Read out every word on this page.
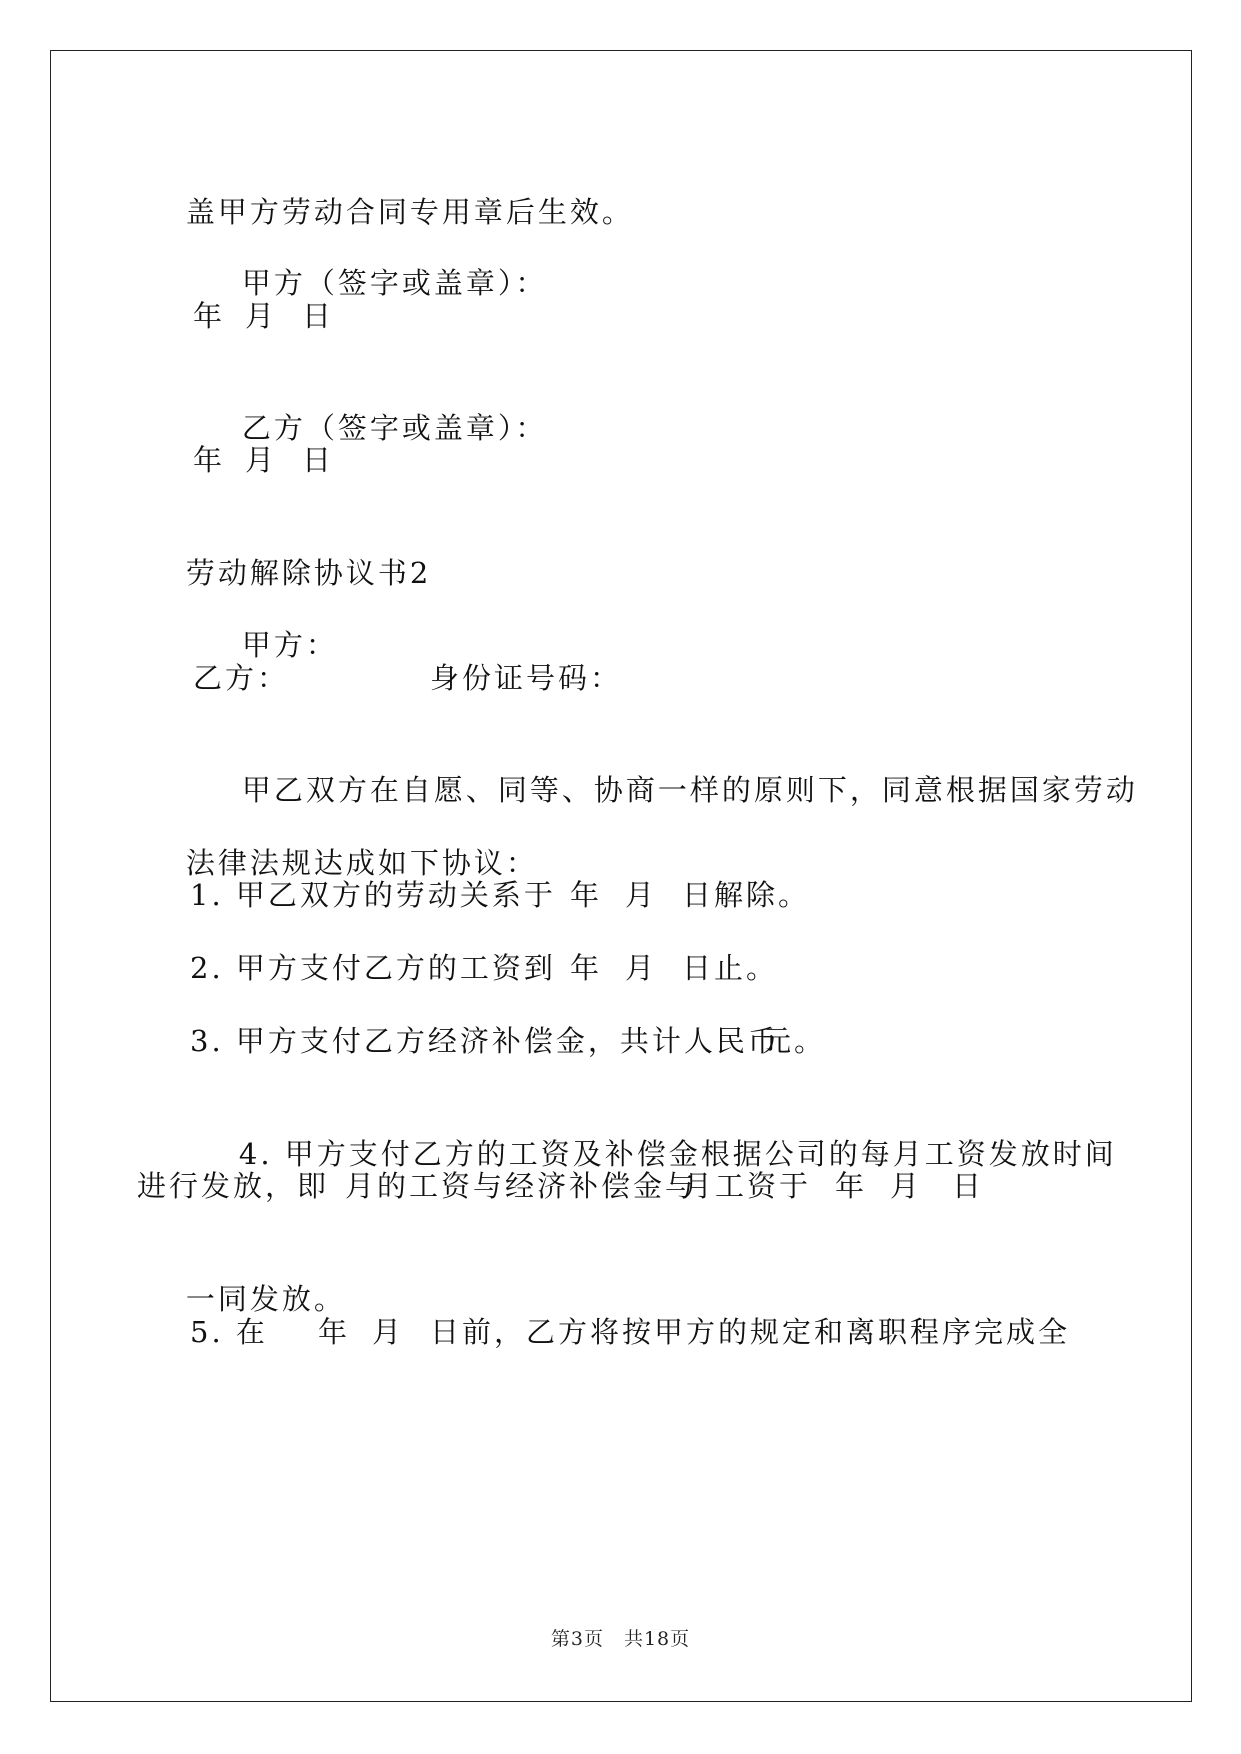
盖甲方劳动合同专用章后生效。

甲方（签字或盖章）：

年

月

日

乙方（签字或盖章）：

年

月

日

劳动解除协议书2

甲方：

乙方：

	身份证号码：

甲乙双方在自愿、同等、协商一样的原则下，同意根据国家劳动

法律法规达成如下协议：

1. 甲乙双方的劳动关系于

年

月

日解除。

2. 甲方支付乙方的工资到

年

月

日止。

3. 甲方支付乙方经济补偿金，共计人民币

元。

4. 甲方支付乙方的工资及补偿金根据公司的每月工资发放时间

进行发放，即

月的工资与经济补偿金与

月工资于

年

月

日

一同发放。

5. 在

年

月

日前，乙方将按甲方的规定和离职程序完成全

第3页　共18页
